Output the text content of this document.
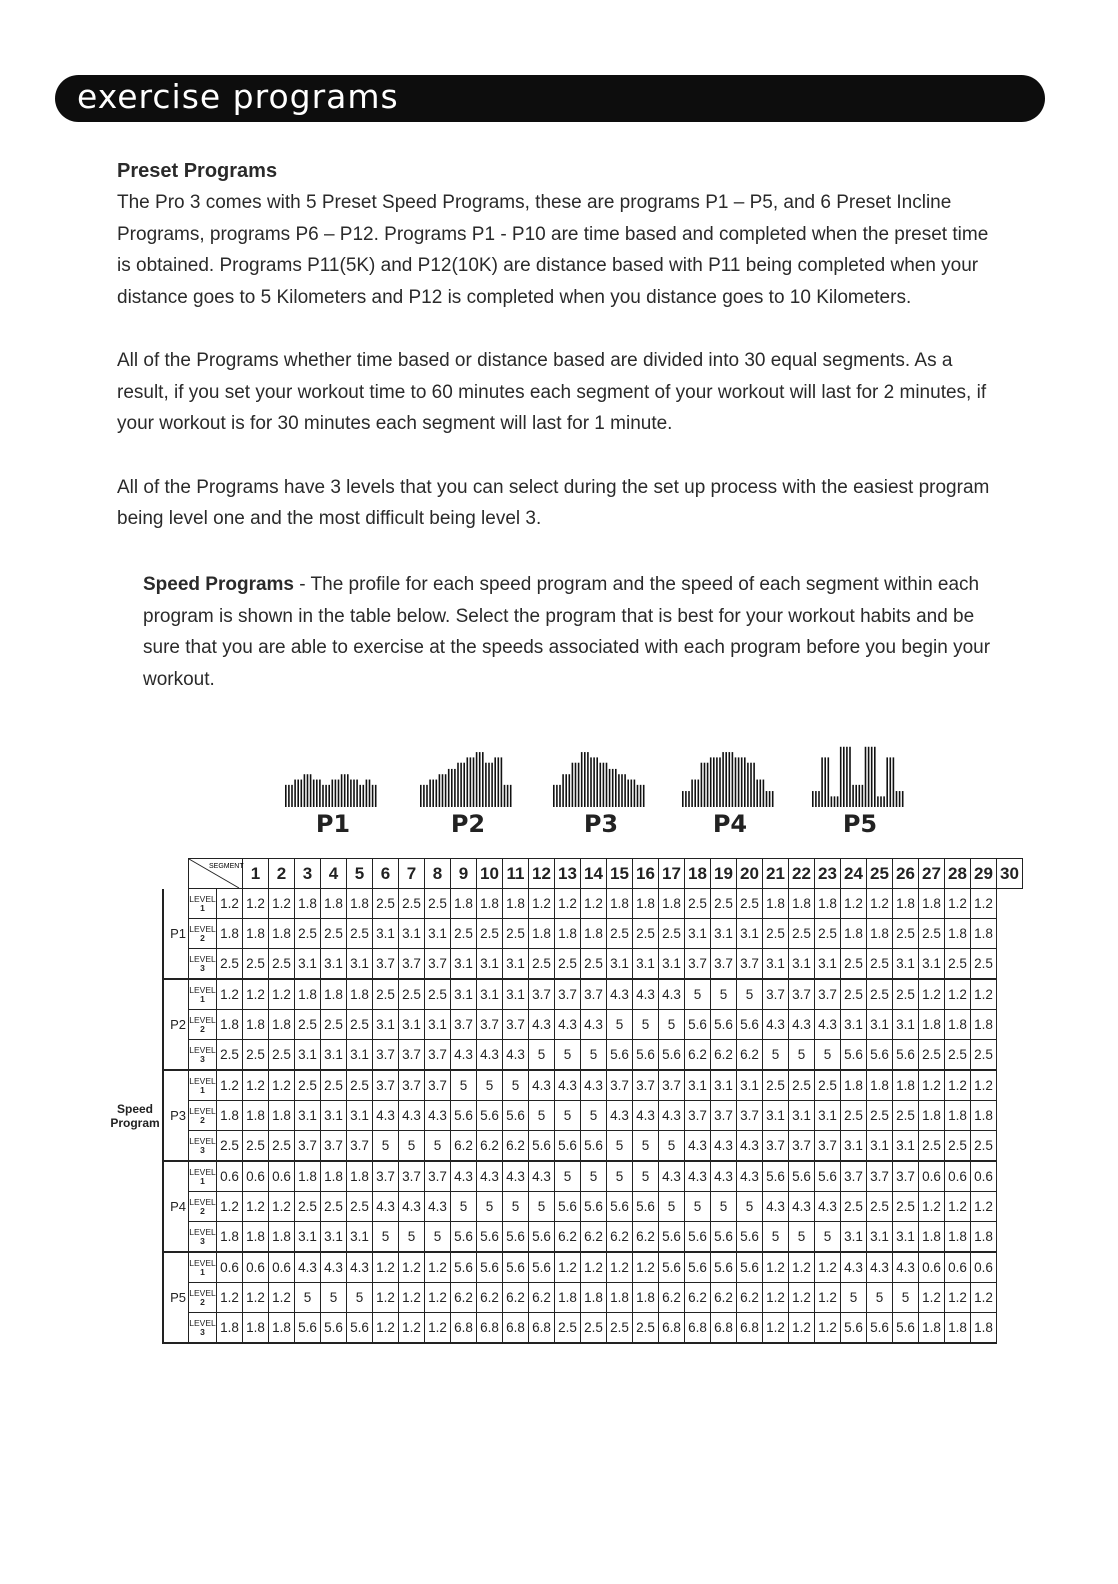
exercise programs
Preset Programs

The Pro 3 comes with 5 Preset Speed Programs, these are programs P1 – P5, and 6 Preset Incline Programs, programs P6 – P12. Programs P1 - P10 are time based and completed when the preset time is obtained. Programs P11(5K) and P12(10K) are distance based with P11 being completed when your distance goes to 5 Kilometers and P12 is completed when you distance goes to 10 Kilometers.

All of the Programs whether time based or distance based are divided into 30 equal segments. As a result, if you set your workout time to 60 minutes each segment of your workout will last for 2 minutes, if your workout is for 30 minutes each segment will last for 1 minute.

All of the Programs have 3 levels that you can select during the set up process with the easiest program being level one and the most difficult being level 3.

Speed Programs - The profile for each speed program and the speed of each segment within each program is shown in the table below. Select the program that is best for your workout habits and be sure that you are able to exercise at the speeds associated with each program before you begin your workout.

P1	P2	P3	P4	P5

SEGMENT		1	2	3	4	5	6	7	8	9	10	11	12	13	14	15	16	17	18	19	20	21	22	23	24	25	26	27	28	29	30
Speed Program	P1	LEVEL
1	1.2	1.2	1.2	1.8	1.8	1.8	2.5	2.5	2.5	1.8	1.8	1.8	1.2	1.2	1.2	1.8	1.8	1.8	2.5	2.5	2.5	1.8	1.8	1.8	1.2	1.2	1.8	1.8	1.2	1.2	

		LEVEL
2	1.8	1.8	1.8	2.5	2.5	2.5	3.1	3.1	3.1	2.5	2.5	2.5	1.8	1.8	1.8	2.5	2.5	2.5	3.1	3.1	3.1	2.5	2.5	2.5	1.8	1.8	2.5	2.5	1.8	1.8	

		LEVEL
3	2.5	2.5	2.5	3.1	3.1	3.1	3.7	3.7	3.7	3.1	3.1	3.1	2.5	2.5	2.5	3.1	3.1	3.1	3.7	3.7	3.7	3.1	3.1	3.1	2.5	2.5	3.1	3.1	2.5	2.5	
	P2	LEVEL
1	1.2	1.2	1.2	1.8	1.8	1.8	2.5	2.5	2.5	3.1	3.1	3.1	3.7	3.7	3.7	4.3	4.3	4.3	5	5	5	3.7	3.7	3.7	2.5	2.5	2.5	1.2	1.2	1.2	

		LEVEL
2	1.8	1.8	1.8	2.5	2.5	2.5	3.1	3.1	3.1	3.7	3.7	3.7	4.3	4.3	4.3	5	5	5	5.6	5.6	5.6	4.3	4.3	4.3	3.1	3.1	3.1	1.8	1.8	1.8	

		LEVEL
3	2.5	2.5	2.5	3.1	3.1	3.1	3.7	3.7	3.7	4.3	4.3	4.3	5	5	5	5.6	5.6	5.6	6.2	6.2	6.2	5	5	5	5.6	5.6	5.6	2.5	2.5	2.5	
	P3	LEVEL
1	1.2	1.2	1.2	2.5	2.5	2.5	3.7	3.7	3.7	5	5	5	4.3	4.3	4.3	3.7	3.7	3.7	3.1	3.1	3.1	2.5	2.5	2.5	1.8	1.8	1.8	1.2	1.2	1.2	

		LEVEL
2	1.8	1.8	1.8	3.1	3.1	3.1	4.3	4.3	4.3	5.6	5.6	5.6	5	5	5	4.3	4.3	4.3	3.7	3.7	3.7	3.1	3.1	3.1	2.5	2.5	2.5	1.8	1.8	1.8	

		LEVEL
3	2.5	2.5	2.5	3.7	3.7	3.7	5	5	5	6.2	6.2	6.2	5.6	5.6	5.6	5	5	5	4.3	4.3	4.3	3.7	3.7	3.7	3.1	3.1	3.1	2.5	2.5	2.5	
	P4	LEVEL
1	0.6	0.6	0.6	1.8	1.8	1.8	3.7	3.7	3.7	4.3	4.3	4.3	4.3	5	5	5	5	4.3	4.3	4.3	4.3	5.6	5.6	5.6	3.7	3.7	3.7	0.6	0.6	0.6	

		LEVEL
2	1.2	1.2	1.2	2.5	2.5	2.5	4.3	4.3	4.3	5	5	5	5	5.6	5.6	5.6	5.6	5	5	5	5	4.3	4.3	4.3	2.5	2.5	2.5	1.2	1.2	1.2	

		LEVEL
3	1.8	1.8	1.8	3.1	3.1	3.1	5	5	5	5.6	5.6	5.6	5.6	6.2	6.2	6.2	6.2	5.6	5.6	5.6	5.6	5	5	5	3.1	3.1	3.1	1.8	1.8	1.8	
	P5	LEVEL
1	0.6	0.6	0.6	4.3	4.3	4.3	1.2	1.2	1.2	5.6	5.6	5.6	5.6	1.2	1.2	1.2	1.2	5.6	5.6	5.6	5.6	1.2	1.2	1.2	4.3	4.3	4.3	0.6	0.6	0.6	

		LEVEL
2	1.2	1.2	1.2	5	5	5	1.2	1.2	1.2	6.2	6.2	6.2	6.2	1.8	1.8	1.8	1.8	6.2	6.2	6.2	6.2	1.2	1.2	1.2	5	5	5	1.2	1.2	1.2	

		LEVEL
3	1.8	1.8	1.8	5.6	5.6	5.6	1.2	1.2	1.2	6.8	6.8	6.8	6.8	2.5	2.5	2.5	2.5	6.8	6.8	6.8	6.8	1.2	1.2	1.2	5.6	5.6	5.6	1.8	1.8	1.8	
